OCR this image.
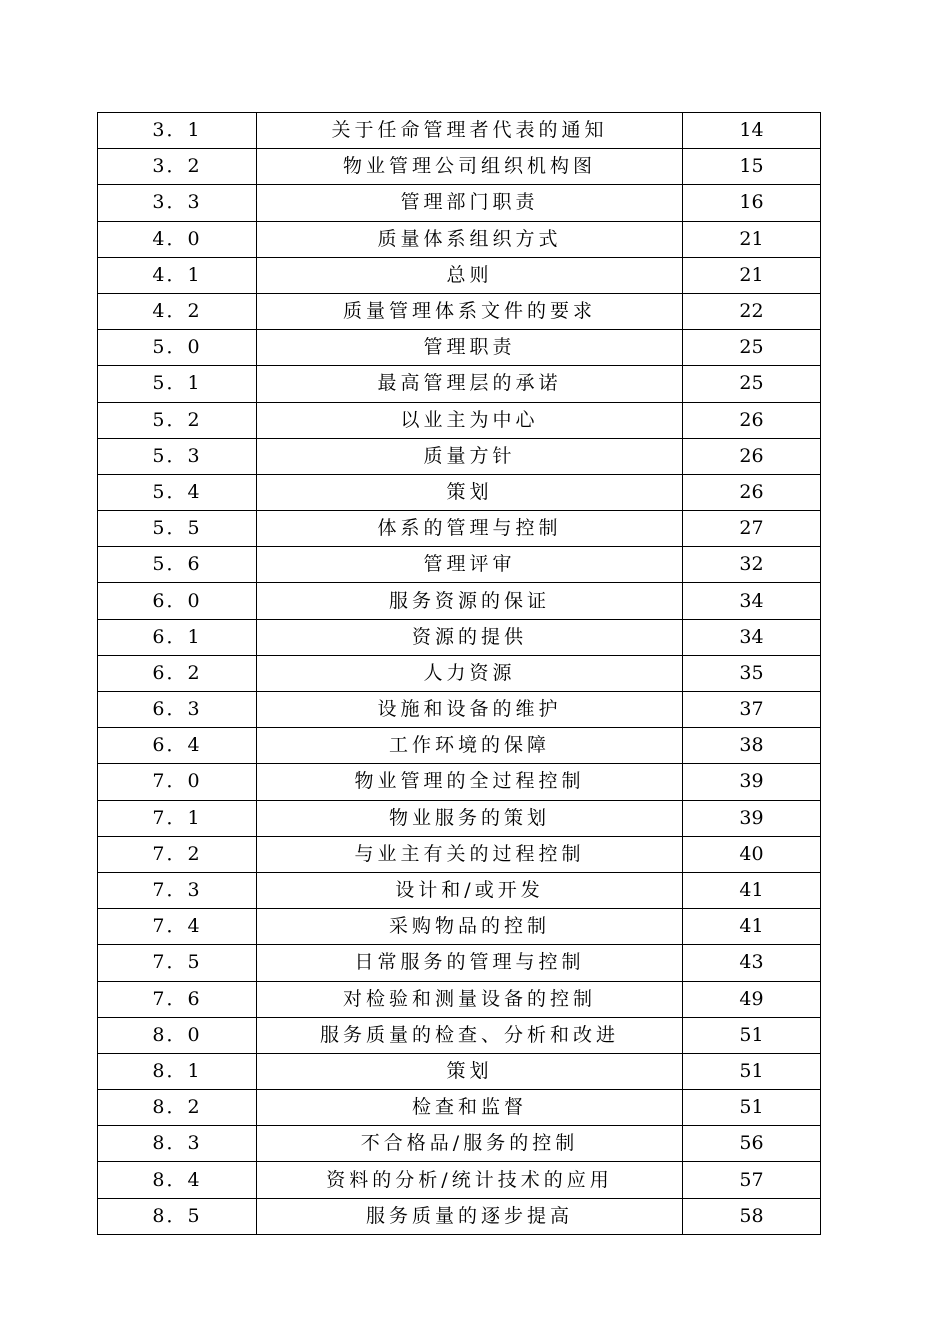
3．1	关于任命管理者代表的通知	14
3．2	物业管理公司组织机构图	15
3．3	管理部门职责	16
4．0	质量体系组织方式	21
4．1	总则	21
4．2	质量管理体系文件的要求	22
5．0	管理职责	25
5．1	最高管理层的承诺	25
5．2	以业主为中心	26
5．3	质量方针	26
5．4	策划	26
5．5	体系的管理与控制	27
5．6	管理评审	32
6．0	服务资源的保证	34
6．1	资源的提供	34
6．2	人力资源	35
6．3	设施和设备的维护	37
6．4	工作环境的保障	38
7．0	物业管理的全过程控制	39
7．1	物业服务的策划	39
7．2	与业主有关的过程控制	40
7．3	设计和/或开发	41
7．4	采购物品的控制	41
7．5	日常服务的管理与控制	43
7．6	对检验和测量设备的控制	49
8．0	服务质量的检查、分析和改进	51
8．1	策划	51
8．2	检查和监督	51
8．3	不合格品/服务的控制	56
8．4	资料的分析/统计技术的应用	57
8．5	服务质量的逐步提高	58
